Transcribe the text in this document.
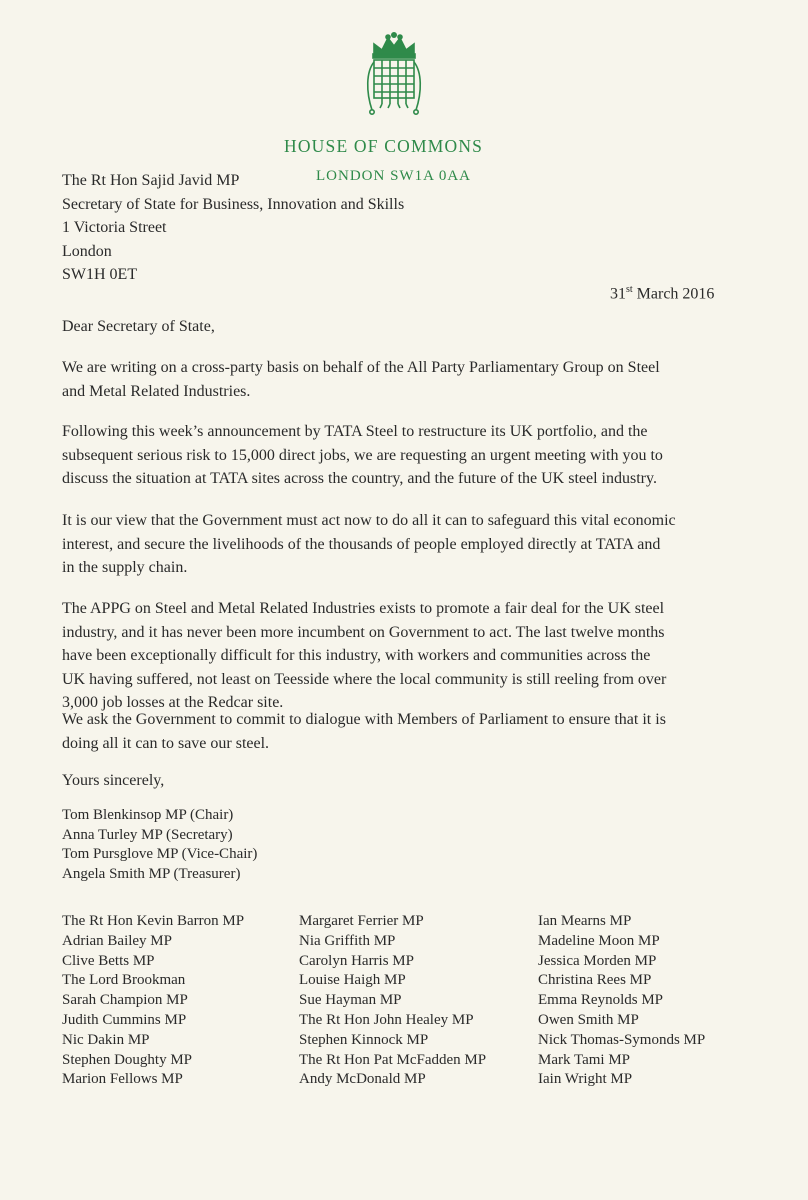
HOUSE OF COMMONS
LONDON SW1A 0AA
The Rt Hon Sajid Javid MP
Secretary of State for Business, Innovation and Skills
1 Victoria Street
London
SW1H 0ET
31st March 2016
Dear Secretary of State,
We are writing on a cross-party basis on behalf of the All Party Parliamentary Group on Steel
and Metal Related Industries.
Following this week’s announcement by TATA Steel to restructure its UK portfolio, and the
subsequent serious risk to 15,000 direct jobs, we are requesting an urgent meeting with you to
discuss the situation at TATA sites across the country, and the future of the UK steel industry.
It is our view that the Government must act now to do all it can to safeguard this vital economic
interest, and secure the livelihoods of the thousands of people employed directly at TATA and
in the supply chain.
The APPG on Steel and Metal Related Industries exists to promote a fair deal for the UK steel
industry, and it has never been more incumbent on Government to act. The last twelve months
have been exceptionally difficult for this industry, with workers and communities across the
UK having suffered, not least on Teesside where the local community is still reeling from over
3,000 job losses at the Redcar site.
We ask the Government to commit to dialogue with Members of Parliament to ensure that it is
doing all it can to save our steel.
Yours sincerely,
Tom Blenkinsop MP (Chair)
Anna Turley MP (Secretary)
Tom Pursglove MP (Vice-Chair)
Angela Smith MP (Treasurer)
The Rt Hon Kevin Barron MP
Adrian Bailey MP
Clive Betts MP
The Lord Brookman
Sarah Champion MP
Judith Cummins MP
Nic Dakin MP
Stephen Doughty MP
Marion Fellows MP
Margaret Ferrier MP
Nia Griffith MP
Carolyn Harris MP
Louise Haigh MP
Sue Hayman MP
The Rt Hon John Healey MP
Stephen Kinnock MP
The Rt Hon Pat McFadden MP
Andy McDonald MP
Ian Mearns MP
Madeline Moon MP
Jessica Morden MP
Christina Rees MP
Emma Reynolds MP
Owen Smith MP
Nick Thomas-Symonds MP
Mark Tami MP
Iain Wright MP
